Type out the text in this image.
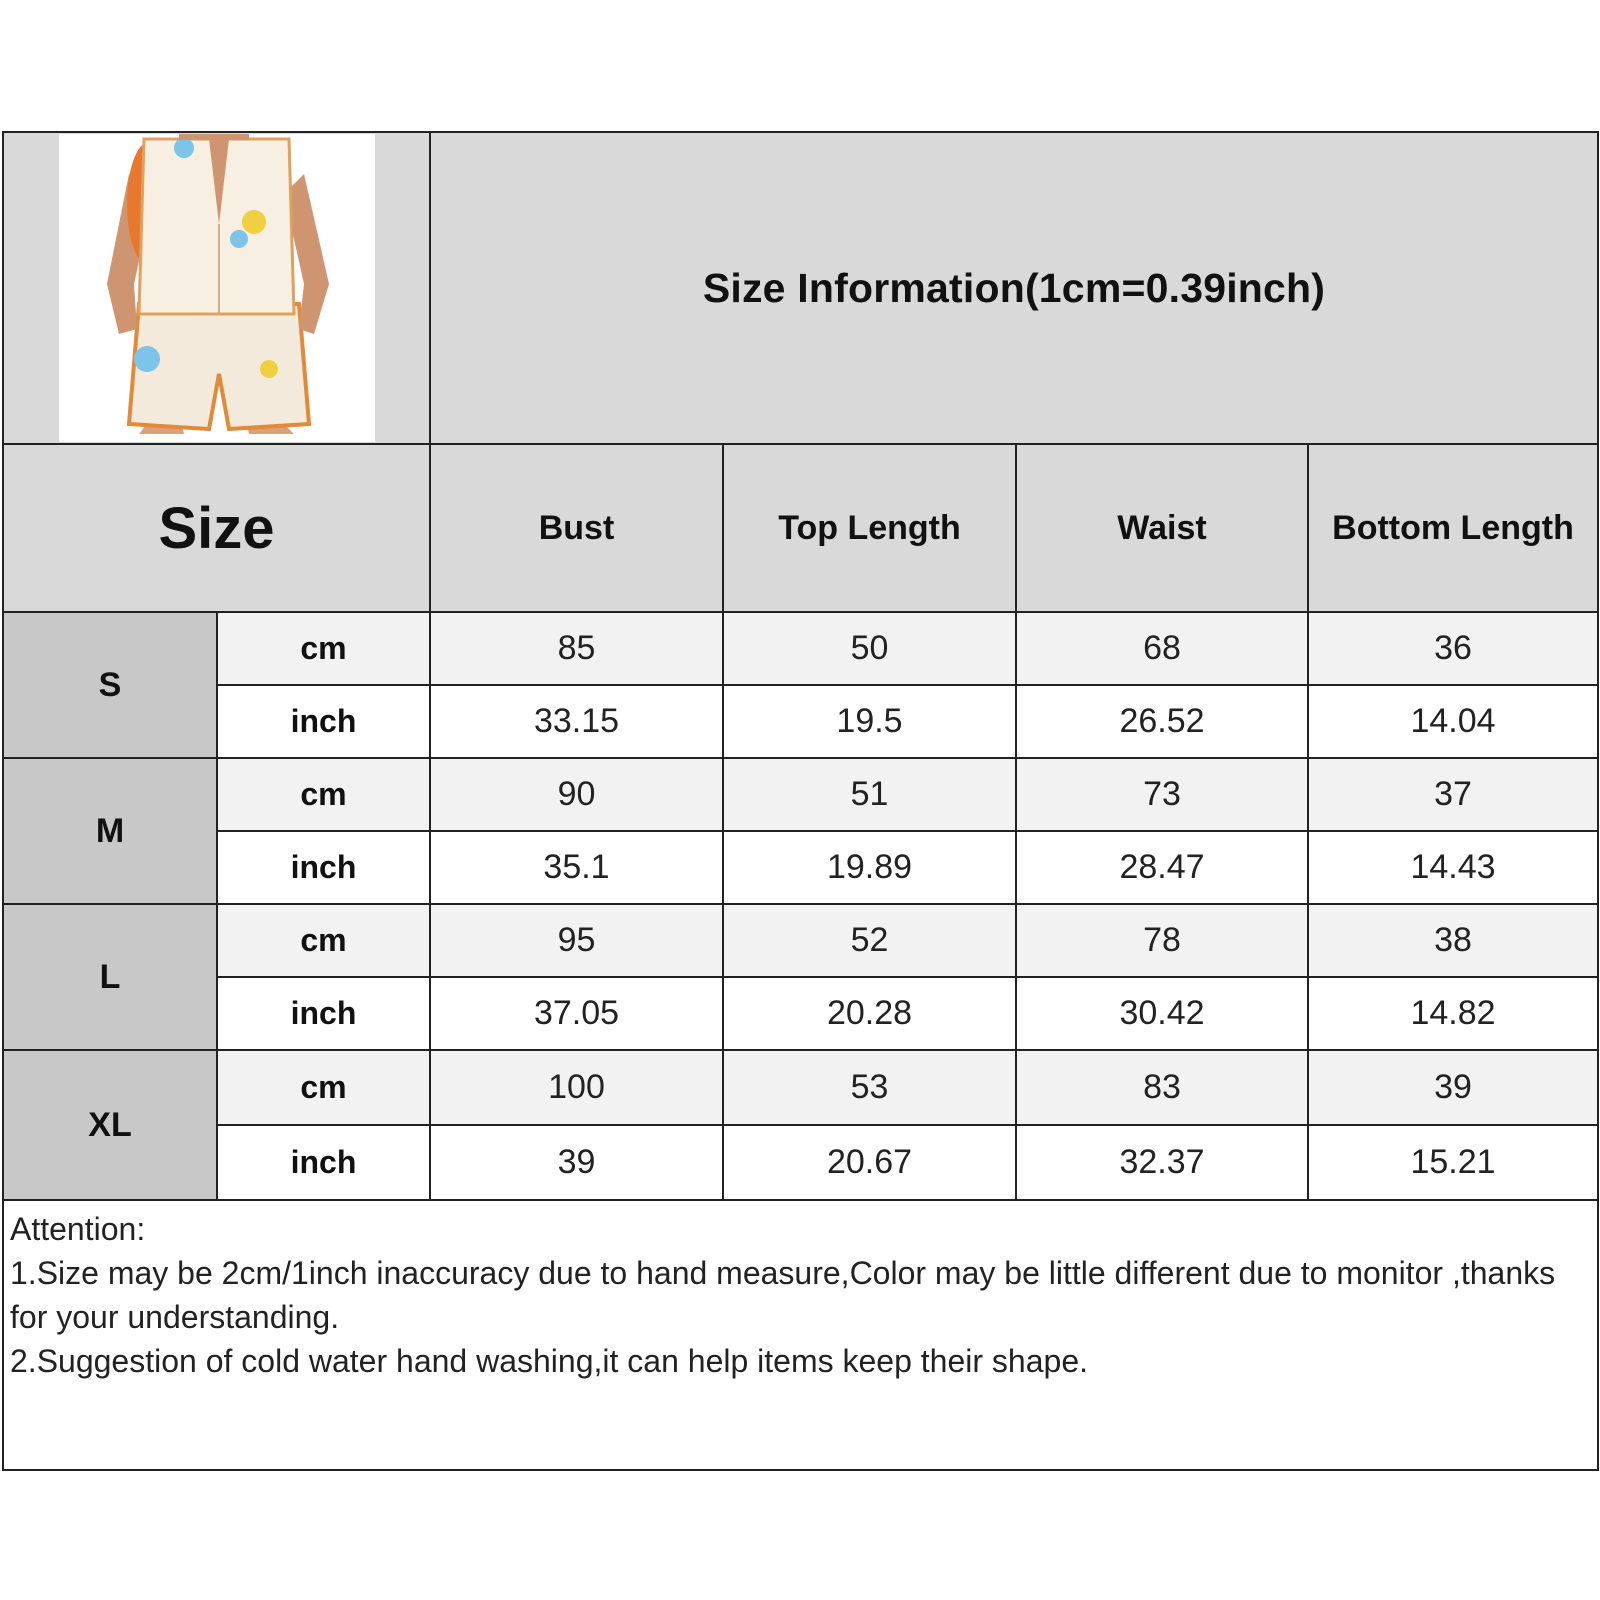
Size Information(1cm=0.39inch)
Size	Bust	Top Length	Waist	Bottom Length
S
cm	85	50	68	36
inch	33.15	19.5	26.52	14.04
M
cm	90	51	73	37
inch	35.1	19.89	28.47	14.43
L
cm	95	52	78	38
inch	37.05	20.28	30.42	14.82
XL
cm	100	53	83	39
inch	39	20.67	32.37	15.21
Attention:
1.Size may be 2cm/1inch inaccuracy due to hand measure,Color may be little different due to monitor ,thanks for your understanding.
2.Suggestion of cold water hand washing,it can help items keep their shape.
